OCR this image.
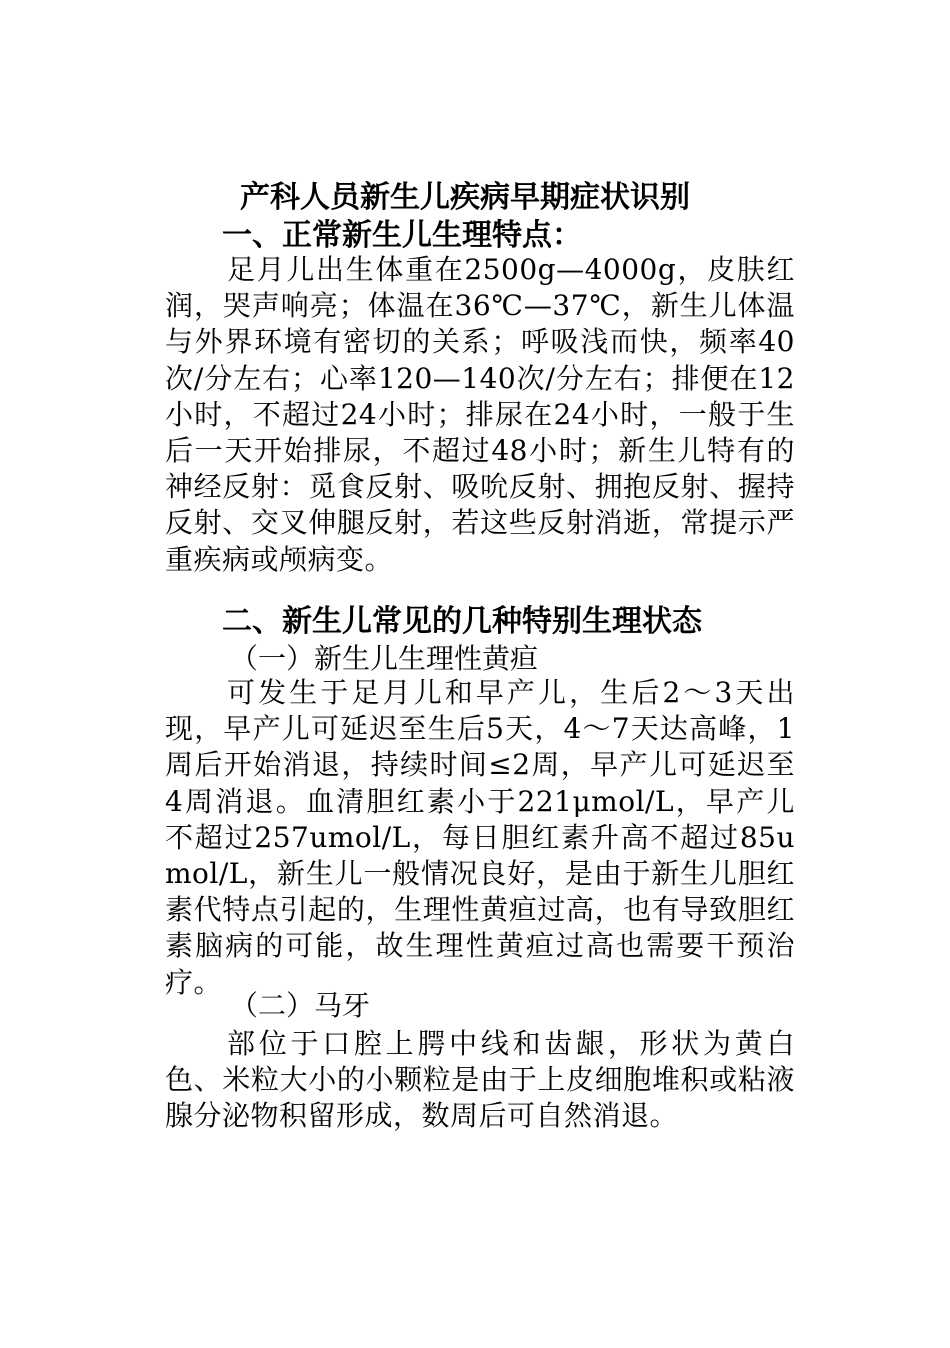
产科人员新生儿疾病早期症状识别
一、正常新生儿生理特点：
足月儿出生体重在2500g—4000g，皮肤红润，哭声响亮；体温在36℃—37℃，新生儿体温与外界环境有密切的关系；呼吸浅而快，频率40次/分左右；心率120—140次/分左右；排便在12小时，不超过24小时；排尿在24小时，一般于生后一天开始排尿，不超过48小时；新生儿特有的神经反射：觅食反射、吸吮反射、拥抱反射、握持反射、交叉伸腿反射，若这些反射消逝，常提示严重疾病或颅病变。
二、新生儿常见的几种特别生理状态
（一）新生儿生理性黄疸
可发生于足月儿和早产儿，生后2～3天出现，早产儿可延迟至生后5天，4～7天达高峰，1周后开始消退，持续时间≤2周，早产儿可延迟至4周消退。血清胆红素小于221μmol/L，早产儿不超过257umol/L，每日胆红素升高不超过85umol/L，新生儿一般情况良好，是由于新生儿胆红素代特点引起的，生理性黄疸过高，也有导致胆红素脑病的可能，故生理性黄疸过高也需要干预治疗。
（二）马牙
部位于口腔上腭中线和齿龈，形状为黄白色、米粒大小的小颗粒是由于上皮细胞堆积或粘液腺分泌物积留形成，数周后可自然消退。
